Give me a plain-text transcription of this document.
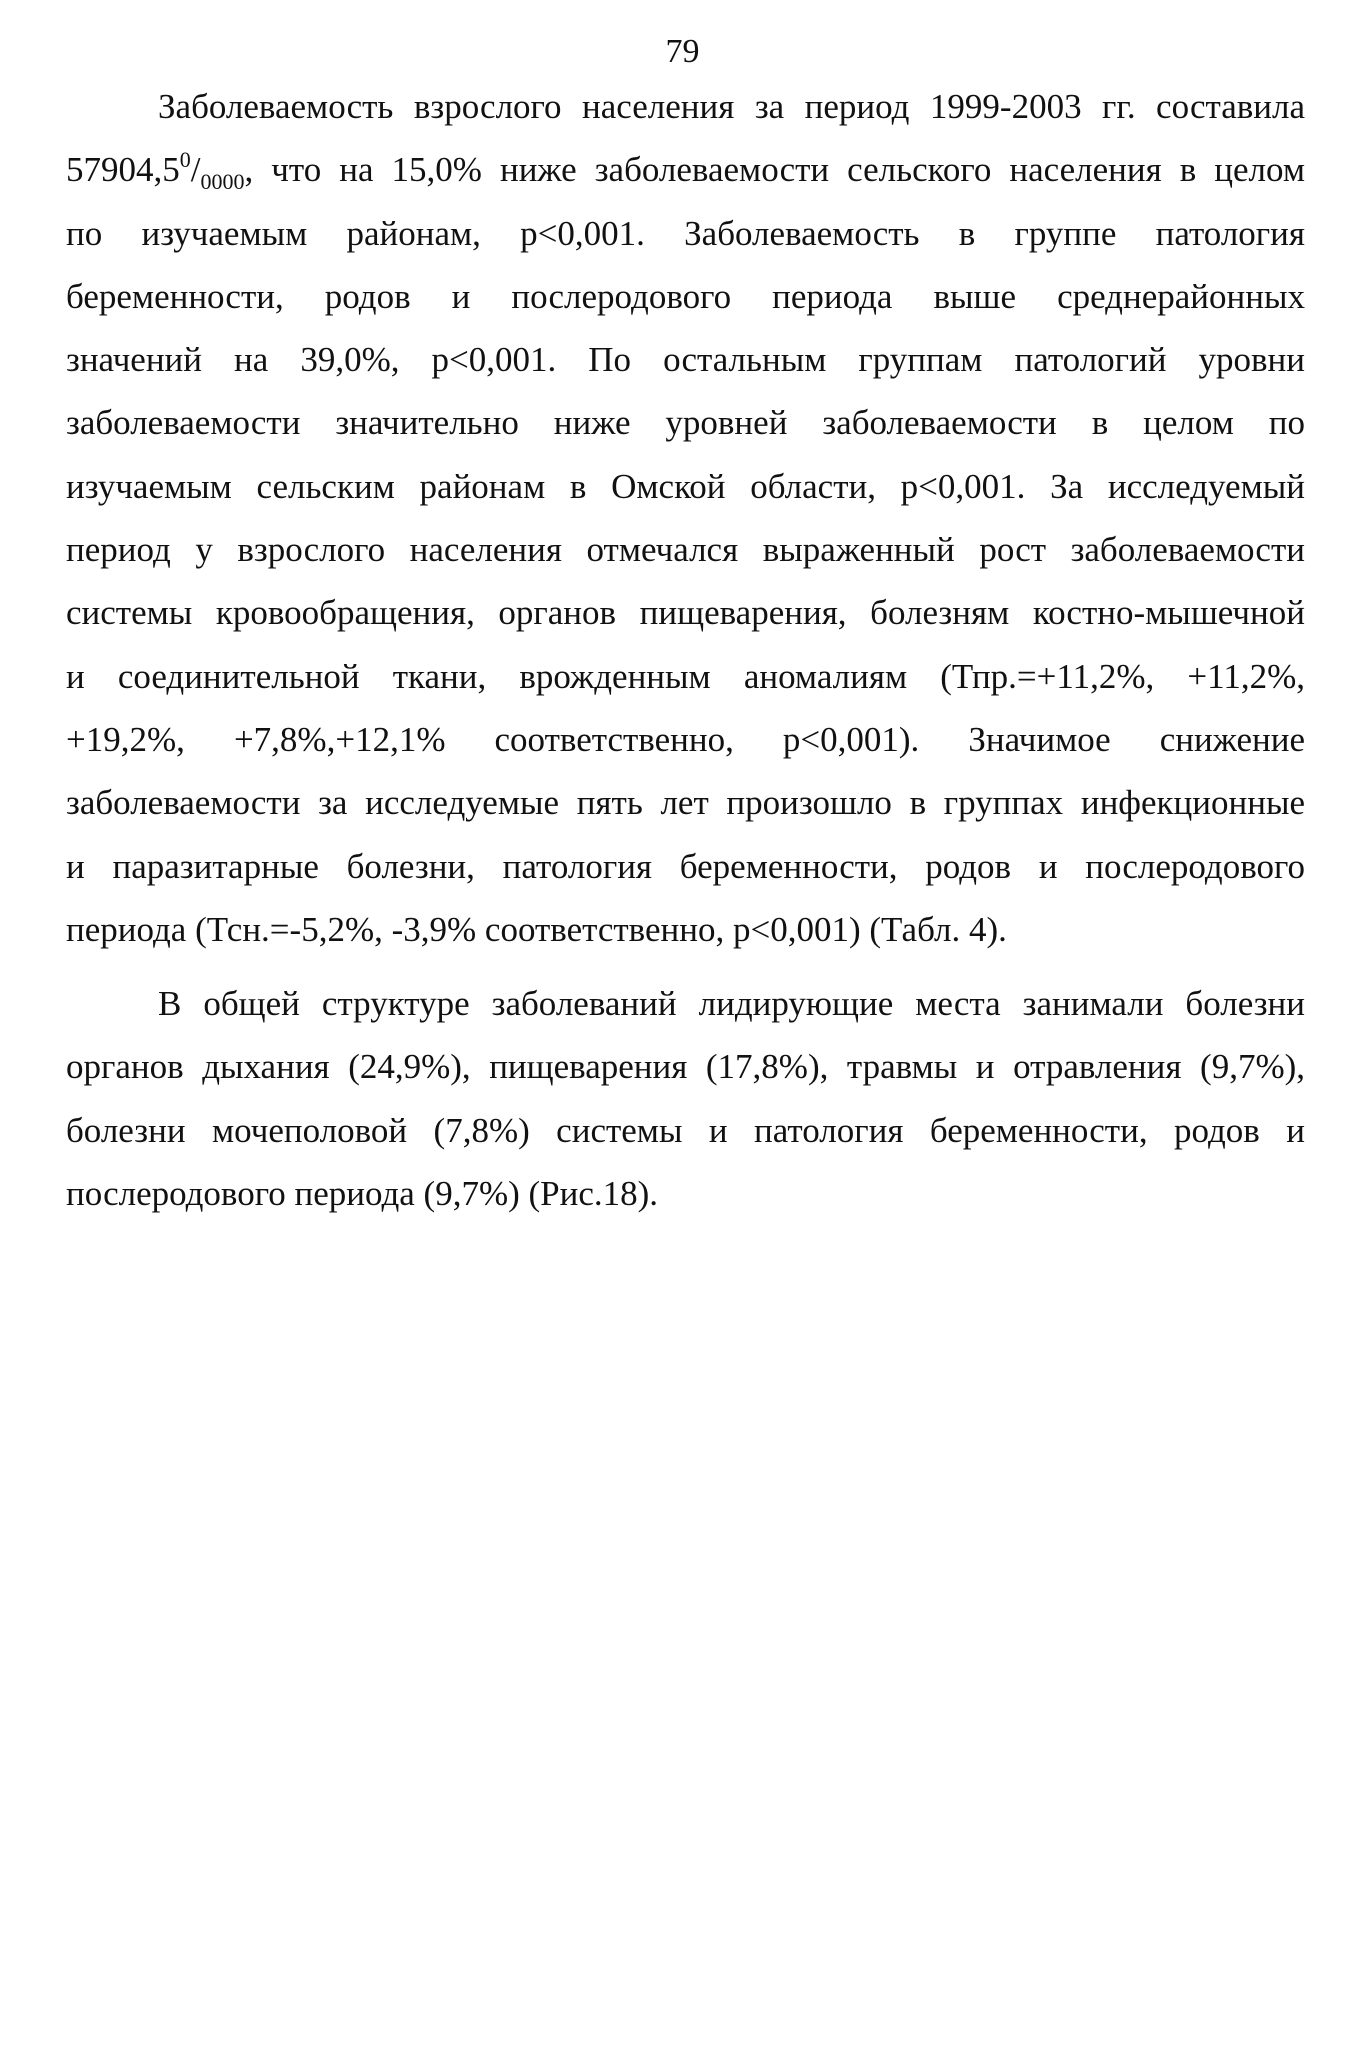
79
Заболеваемость взрослого населения за период 1999-2003 гг. составила
$57904,5^0/_{0000}$, что на 15,0% ниже заболеваемости сельского населения в целом
по изучаемым районам, р<0,001. Заболеваемость в группе патология
беременности, родов и послеродового периода выше среднерайонных
значений на 39,0%, р<0,001. По остальным группам патологий уровни
заболеваемости значительно ниже уровней заболеваемости в целом по
изучаемым сельским районам в Омской области, р<0,001. За исследуемый
период у взрослого населения отмечался выраженный рост заболеваемости
системы кровообращения, органов пищеварения, болезням костно-мышечной
и соединительной ткани, врожденным аномалиям (Тпр.=+11,2%, +11,2%,
+19,2%, +7,8%,+12,1% соответственно, р<0,001). Значимое снижение
заболеваемости за исследуемые пять лет произошло в группах инфекционные
и паразитарные болезни, патология беременности, родов и послеродового
периода (Тсн.=-5,2%, -3,9% соответственно, р<0,001) (Табл. 4).
В общей структуре заболеваний лидирующие места занимали болезни
органов дыхания (24,9%), пищеварения (17,8%), травмы и отравления (9,7%),
болезни мочеполовой (7,8%) системы и патология беременности, родов и
послеродового периода (9,7%) (Рис.18).
